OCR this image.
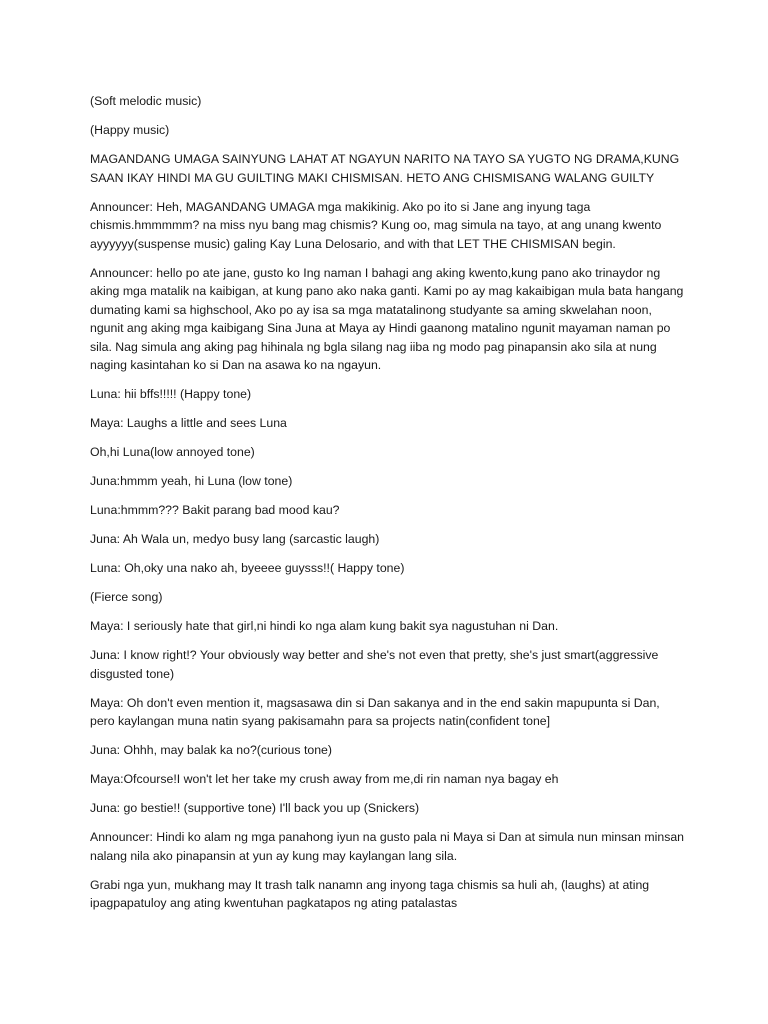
(Soft melodic music)

(Happy music)

MAGANDANG UMAGA SAINYUNG LAHAT AT NGAYUN NARITO NA TAYO SA YUGTO NG DRAMA,KUNG SAAN IKAY HINDI MA GU GUILTING MAKI CHISMISAN. HETO ANG CHISMISANG WALANG GUILTY

Announcer: Heh, MAGANDANG UMAGA mga makikinig. Ako po ito si Jane ang inyung taga chismis.hmmmmm? na miss nyu bang mag chismis? Kung oo, mag simula na tayo, at ang unang kwento ayyyyyy(suspense music) galing Kay Luna Delosario, and with that LET THE CHISMISAN begin.

Announcer: hello po ate jane, gusto ko Ing naman I bahagi ang aking kwento,kung pano ako trinaydor ng aking mga matalik na kaibigan, at kung pano ako naka ganti. Kami po ay mag kakaibigan mula bata hangang dumating kami sa highschool, Ako po ay isa sa mga matatalinong studyante sa aming skwelahan noon, ngunit ang aking mga kaibigang Sina Juna at Maya ay Hindi gaanong matalino ngunit mayaman naman po sila. Nag simula ang aking pag hihinala ng bgla silang nag iiba ng modo pag pinapansin ako sila at nung naging kasintahan ko si Dan na asawa ko na ngayun.

Luna: hii bffs!!!!! (Happy tone)

Maya: Laughs a little and sees Luna

Oh,hi Luna(low annoyed tone)

Juna:hmmm yeah, hi Luna (low tone)

Luna:hmmm??? Bakit parang bad mood kau?

Juna: Ah Wala un, medyo busy lang (sarcastic laugh)

Luna: Oh,oky una nako ah, byeeee guysss!!( Happy tone)

(Fierce song)

Maya: I seriously hate that girl,ni hindi ko nga alam kung bakit sya nagustuhan ni Dan.

Juna: I know right!? Your obviously way better and she's not even that pretty, she's just smart(aggressive disgusted tone)

Maya: Oh don't even mention it, magsasawa din si Dan sakanya and in the end sakin mapupunta si Dan, pero kaylangan muna natin syang pakisamahn para sa projects natin(confident tone]

Juna: Ohhh, may balak ka no?(curious tone)

Maya:Ofcourse!I won't let her take my crush away from me,di rin naman nya bagay eh

Juna: go bestie!! (supportive tone) I'll back you up (Snickers)

Announcer: Hindi ko alam ng mga panahong iyun na gusto pala ni Maya si Dan at simula nun minsan minsan nalang nila ako pinapansin at yun ay kung may kaylangan lang sila.

Grabi nga yun, mukhang may It trash talk nanamn ang inyong taga chismis sa huli ah, (laughs) at ating ipagpapatuloy ang ating kwentuhan pagkatapos ng ating patalastas
